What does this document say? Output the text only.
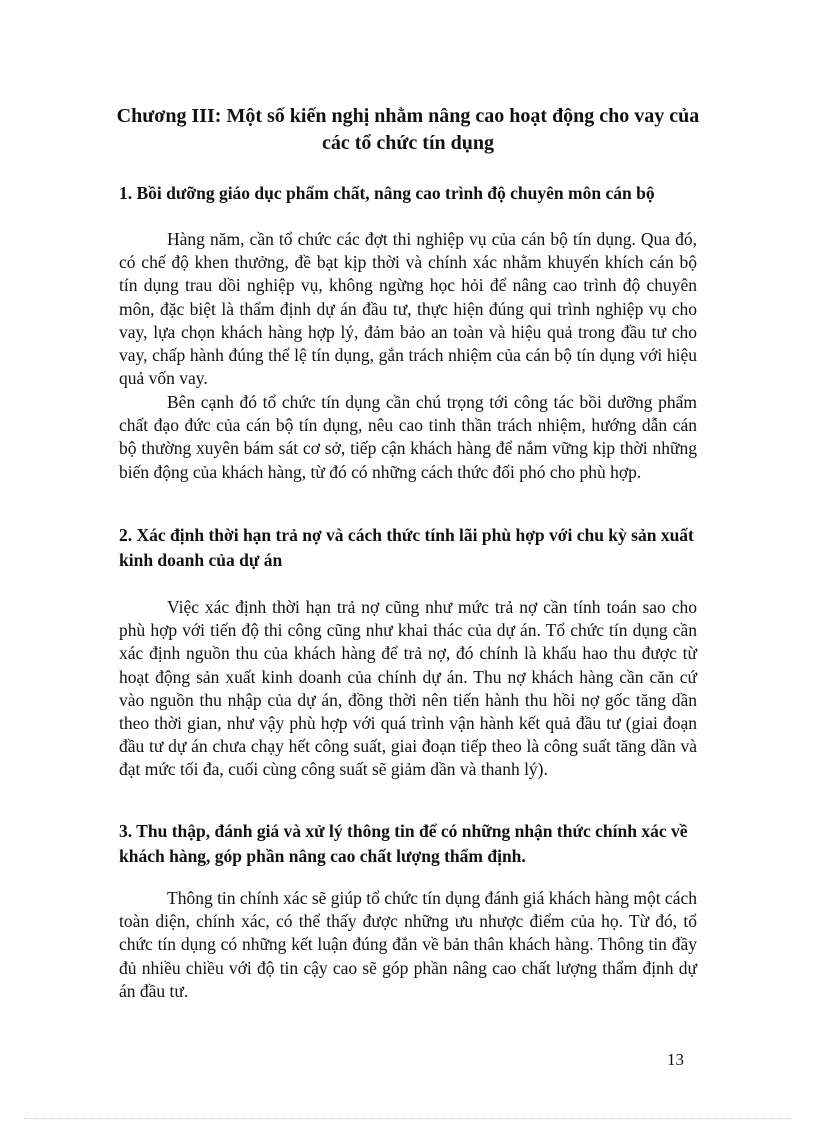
Chương III: Một số kiến nghị nhằm nâng cao hoạt động cho vay của các tổ chức tín dụng
1. Bồi dưỡng giáo dục phẩm chất, nâng cao trình độ chuyên môn cán bộ

Hàng năm, cần tổ chức các đợt thi nghiệp vụ của cán bộ tín dụng. Qua đó, có chế độ khen thưởng, đề bạt kịp thời và chính xác nhằm khuyến khích cán bộ tín dụng trau dồi nghiệp vụ, không ngừng học hỏi để nâng cao trình độ chuyên môn, đặc biệt là thẩm định dự án đầu tư, thực hiện đúng qui trình nghiệp vụ cho vay, lựa chọn khách hàng hợp lý, đảm bảo an toàn và hiệu quả trong đầu tư cho vay, chấp hành đúng thể lệ tín dụng, gắn trách nhiệm của cán bộ tín dụng với hiệu quả vốn vay.

Bên cạnh đó tổ chức tín dụng cần chú trọng tới công tác bồi dưỡng phẩm chất đạo đức của cán bộ tín dụng, nêu cao tinh thần trách nhiệm, hướng dẫn cán bộ thường xuyên bám sát cơ sở, tiếp cận khách hàng để nắm vững kịp thời những biến động của khách hàng, từ đó có những cách thức đối phó cho phù hợp.

2. Xác định thời hạn trả nợ và cách thức tính lãi phù hợp với chu kỳ sản xuất kinh doanh của dự án

Việc xác định thời hạn trả nợ cũng như mức trả nợ cần tính toán sao cho phù hợp với tiến độ thi công cũng như khai thác của dự án. Tổ chức tín dụng cần xác định nguồn thu của khách hàng để trả nợ, đó chính là khấu hao thu được từ hoạt động sản xuất kinh doanh của chính dự án. Thu nợ khách hàng cần căn cứ vào nguồn thu nhập của dự án, đồng thời nên tiến hành thu hồi nợ gốc tăng dần theo thời gian, như vậy phù hợp với quá trình vận hành kết quả đầu tư (giai đoạn đầu tư dự án chưa chạy hết công suất, giai đoạn tiếp theo là công suất tăng dần và đạt mức tối đa, cuối cùng công suất sẽ giảm dần và thanh lý).

3. Thu thập, đánh giá và xử lý thông tin để có những nhận thức chính xác về khách hàng, góp phần nâng cao chất lượng thẩm định.

Thông tin chính xác sẽ giúp tổ chức tín dụng đánh giá khách hàng một cách toàn diện, chính xác, có thể thấy được những ưu nhược điểm của họ. Từ đó, tổ chức tín dụng có những kết luận đúng đắn về bản thân khách hàng. Thông tin đầy đủ nhiều chiều với độ tin cậy cao sẽ góp phần nâng cao chất lượng thẩm định dự án đầu tư.

13
